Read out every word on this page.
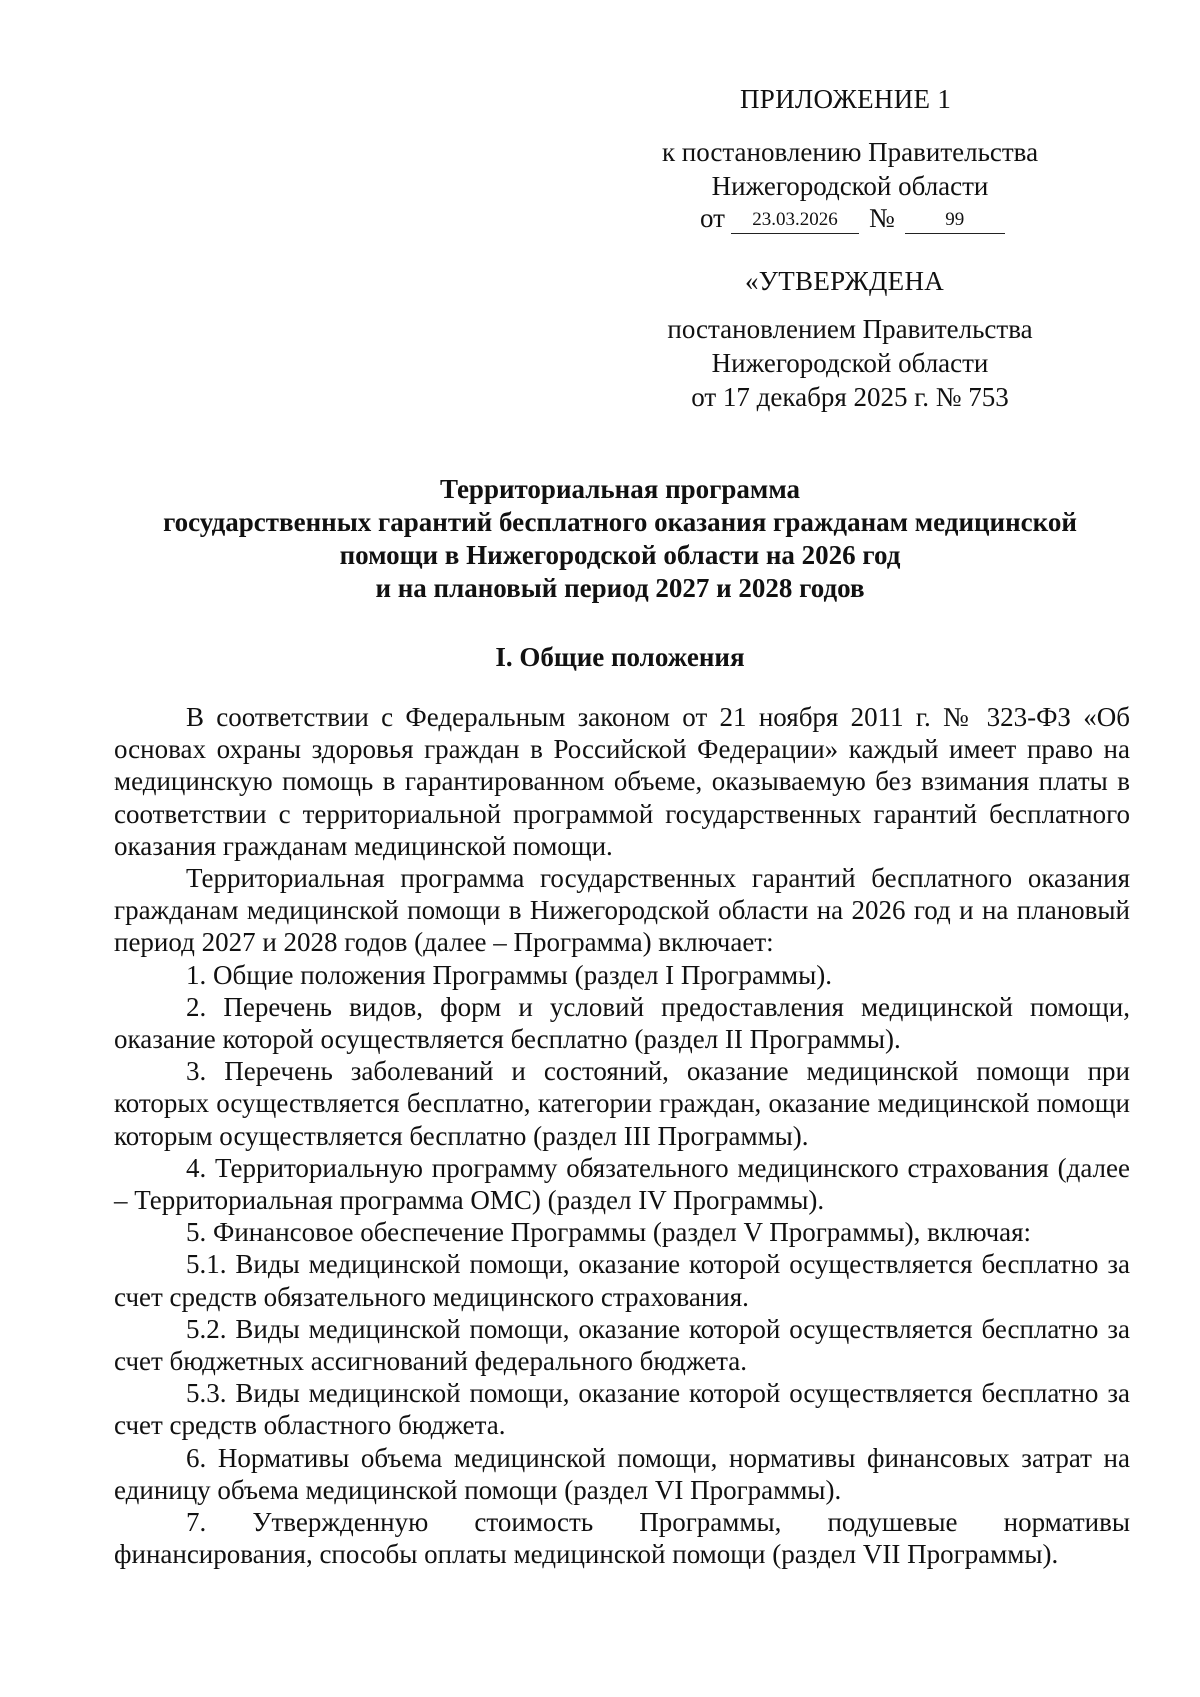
ПРИЛОЖЕНИЕ 1
к постановлению Правительства
Нижегородской области
от 23.03.2026 №	99
«УТВЕРЖДЕНА
постановлением Правительства
Нижегородской области
от 17 декабря 2025 г. № 753
Территориальная программа
государственных гарантий бесплатного оказания гражданам медицинской
помощи в Нижегородской области на 2026 год
и на плановый период 2027 и 2028 годов
I. Общие положения

В соответствии с Федеральным законом от 21 ноября 2011 г. № 323-ФЗ «Об основах охраны здоровья граждан в Российской Федерации» каждый имеет право на медицинскую помощь в гарантированном объеме, оказываемую без взимания платы в соответствии с территориальной программой государственных гарантий бесплатного оказания гражданам медицинской помощи.

Территориальная программа государственных гарантий бесплатного оказания гражданам медицинской помощи в Нижегородской области на 2026 год и на плановый период 2027 и 2028 годов (далее – Программа) включает:

1. Общие положения Программы (раздел I Программы).

2. Перечень видов, форм и условий предоставления медицинской помощи, оказание которой осуществляется бесплатно (раздел II Программы).

3. Перечень заболеваний и состояний, оказание медицинской помощи при которых осуществляется бесплатно, категории граждан, оказание медицинской помощи которым осуществляется бесплатно (раздел III Программы).

4. Территориальную программу обязательного медицинского страхования (далее – Территориальная программа ОМС) (раздел IV Программы).

5. Финансовое обеспечение Программы (раздел V Программы), включая:

5.1. Виды медицинской помощи, оказание которой осуществляется бесплатно за счет средств обязательного медицинского страхования.

5.2. Виды медицинской помощи, оказание которой осуществляется бесплатно за счет бюджетных ассигнований федерального бюджета.

5.3. Виды медицинской помощи, оказание которой осуществляется бесплатно за счет средств областного бюджета.

6. Нормативы объема медицинской помощи, нормативы финансовых затрат на единицу объема медицинской помощи (раздел VI Программы).

7. Утвержденную стоимость Программы, подушевые нормативы финансирования, способы оплаты медицинской помощи (раздел VII Программы).
